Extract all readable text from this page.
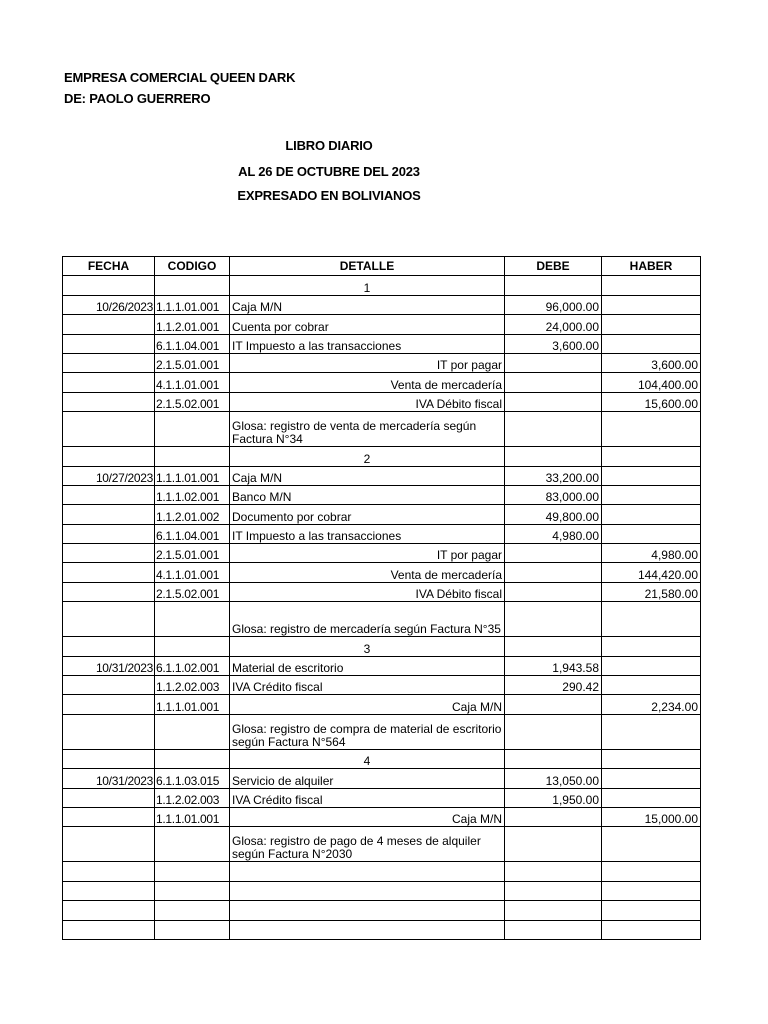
EMPRESA COMERCIAL QUEEN DARK
DE: PAOLO GUERRERO
LIBRO DIARIO
AL 26 DE OCTUBRE DEL 2023
EXPRESADO EN BOLIVIANOS
FECHA	CODIGO	DETALLE	DEBE	HABER
		1		
10/26/2023	1.1.1.01.001	Caja M/N	96,000.00	
	1.1.2.01.001	Cuenta por cobrar	24,000.00	
	6.1.1.04.001	IT Impuesto a las transacciones	3,600.00	
	2.1.5.01.001	IT por pagar		3,600.00
	4.1.1.01.001	Venta de mercadería		104,400.00
	2.1.5.02.001	IVA Débito fiscal		15,600.00
		Glosa: registro de venta de mercadería según Factura N°34		
		2		
10/27/2023	1.1.1.01.001	Caja M/N	33,200.00	
	1.1.1.02.001	Banco M/N	83,000.00	
	1.1.2.01.002	Documento por cobrar	49,800.00	
	6.1.1.04.001	IT Impuesto a las transacciones	4,980.00	
	2.1.5.01.001	IT por pagar		4,980.00
	4.1.1.01.001	Venta de mercadería		144,420.00
	2.1.5.02.001	IVA Débito fiscal		21,580.00
		Glosa: registro de mercadería según Factura N°35		
		3		
10/31/2023	6.1.1.02.001	Material de escritorio	1,943.58	
	1.1.2.02.003	IVA Crédito fiscal	290.42	
	1.1.1.01.001	Caja M/N		2,234.00
		Glosa: registro de compra de material de escritorio según Factura N°564		
		4		
10/31/2023	6.1.1.03.015	Servicio de alquiler	13,050.00	
	1.1.2.02.003	IVA Crédito fiscal	1,950.00	
	1.1.1.01.001	Caja M/N		15,000.00
		Glosa: registro de pago de 4 meses de alquiler según Factura N°2030		
